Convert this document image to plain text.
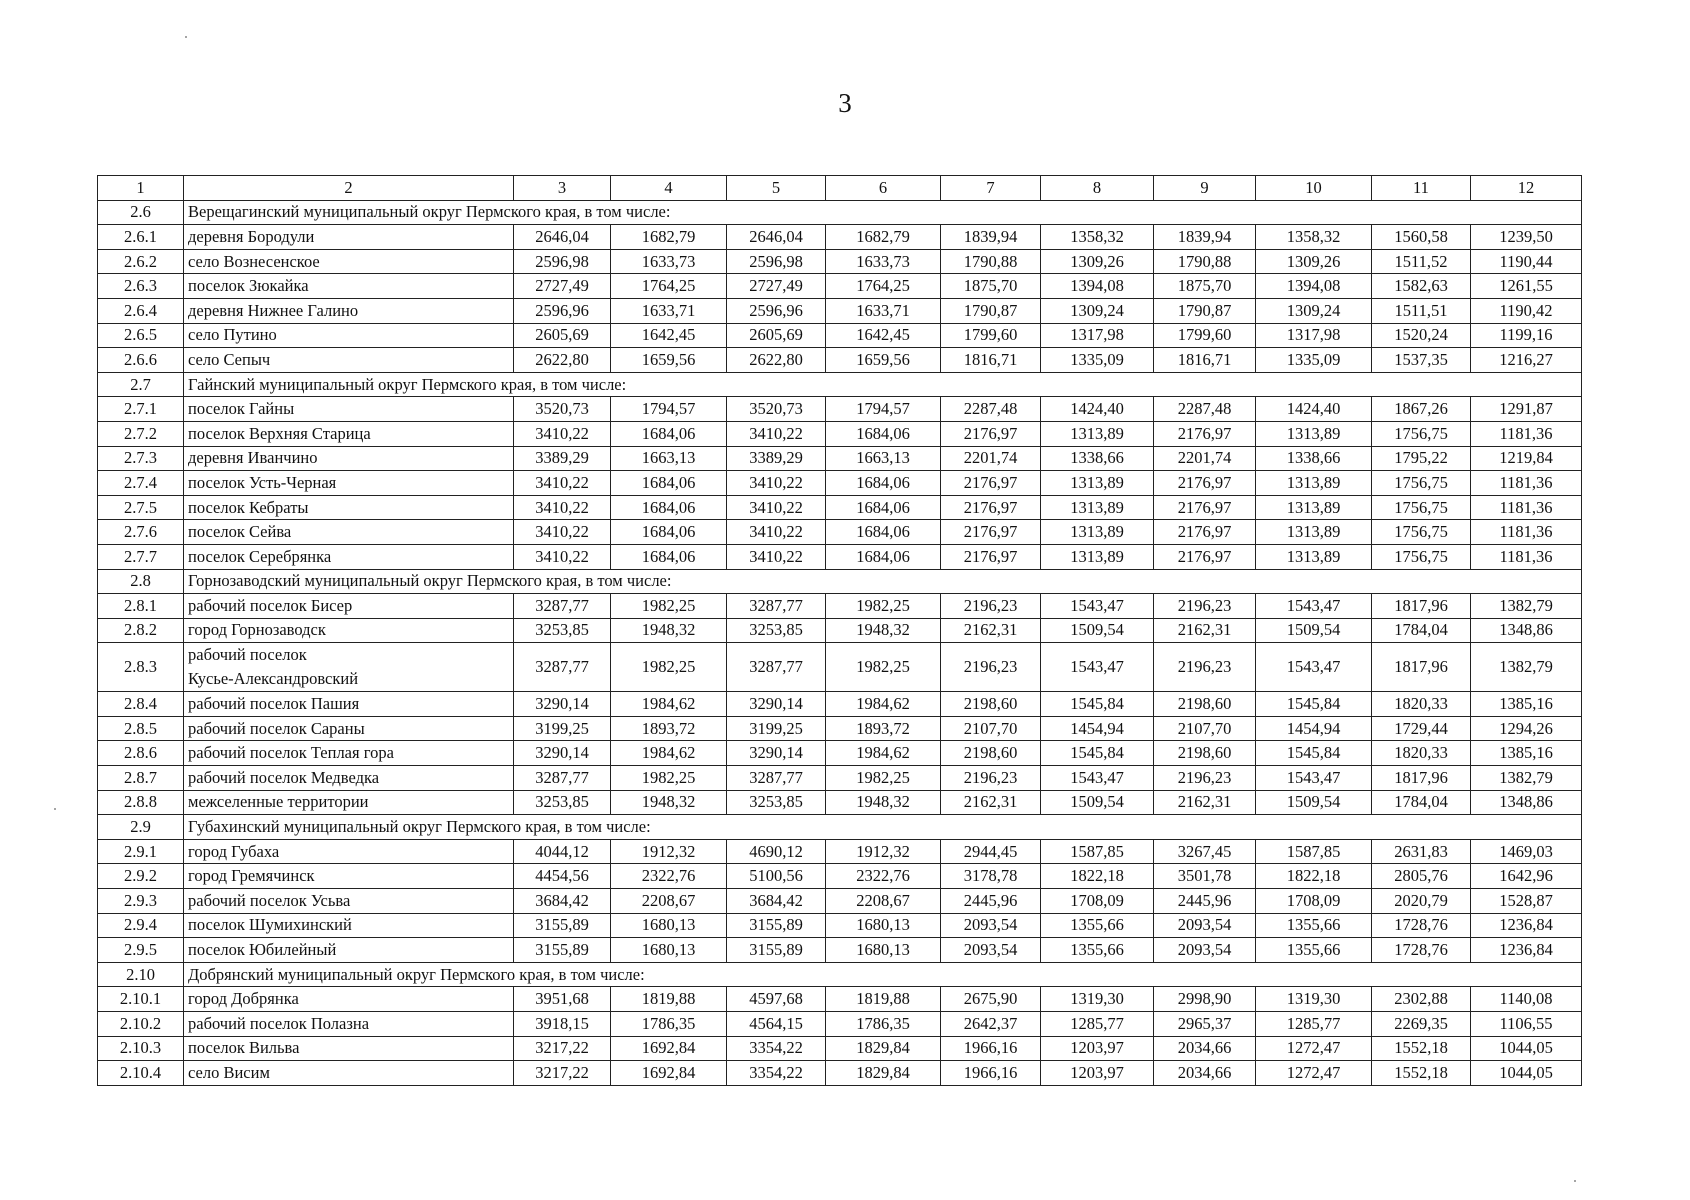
3
1	2	3	4	5	6	7	8	9	10	11	12
2.6	Верещагинский муниципальный округ Пермского края, в том числе:										
2.6.1	деревня Бородули	2646,04	1682,79	2646,04	1682,79	1839,94	1358,32	1839,94	1358,32	1560,58	1239,50
2.6.2	село Вознесенское	2596,98	1633,73	2596,98	1633,73	1790,88	1309,26	1790,88	1309,26	1511,52	1190,44
2.6.3	поселок Зюкайка	2727,49	1764,25	2727,49	1764,25	1875,70	1394,08	1875,70	1394,08	1582,63	1261,55
2.6.4	деревня Нижнее Галино	2596,96	1633,71	2596,96	1633,71	1790,87	1309,24	1790,87	1309,24	1511,51	1190,42
2.6.5	село Путино	2605,69	1642,45	2605,69	1642,45	1799,60	1317,98	1799,60	1317,98	1520,24	1199,16
2.6.6	село Сепыч	2622,80	1659,56	2622,80	1659,56	1816,71	1335,09	1816,71	1335,09	1537,35	1216,27
2.7	Гайнский муниципальный округ Пермского края, в том числе:										
2.7.1	поселок Гайны	3520,73	1794,57	3520,73	1794,57	2287,48	1424,40	2287,48	1424,40	1867,26	1291,87
2.7.2	поселок Верхняя Старица	3410,22	1684,06	3410,22	1684,06	2176,97	1313,89	2176,97	1313,89	1756,75	1181,36
2.7.3	деревня Иванчино	3389,29	1663,13	3389,29	1663,13	2201,74	1338,66	2201,74	1338,66	1795,22	1219,84
2.7.4	поселок Усть-Черная	3410,22	1684,06	3410,22	1684,06	2176,97	1313,89	2176,97	1313,89	1756,75	1181,36
2.7.5	поселок Кебраты	3410,22	1684,06	3410,22	1684,06	2176,97	1313,89	2176,97	1313,89	1756,75	1181,36
2.7.6	поселок Сейва	3410,22	1684,06	3410,22	1684,06	2176,97	1313,89	2176,97	1313,89	1756,75	1181,36
2.7.7	поселок Серебрянка	3410,22	1684,06	3410,22	1684,06	2176,97	1313,89	2176,97	1313,89	1756,75	1181,36
2.8	Горнозаводский муниципальный округ Пермского края, в том числе:										
2.8.1	рабочий поселок Бисер	3287,77	1982,25	3287,77	1982,25	2196,23	1543,47	2196,23	1543,47	1817,96	1382,79
2.8.2	город Горнозаводск	3253,85	1948,32	3253,85	1948,32	2162,31	1509,54	2162,31	1509,54	1784,04	1348,86
2.8.3	рабочий поселок
Кусье-Александровский	3287,77	1982,25	3287,77	1982,25	2196,23	1543,47	2196,23	1543,47	1817,96	1382,79
2.8.4	рабочий поселок Пашия	3290,14	1984,62	3290,14	1984,62	2198,60	1545,84	2198,60	1545,84	1820,33	1385,16
2.8.5	рабочий поселок Сараны	3199,25	1893,72	3199,25	1893,72	2107,70	1454,94	2107,70	1454,94	1729,44	1294,26
2.8.6	рабочий поселок Теплая гора	3290,14	1984,62	3290,14	1984,62	2198,60	1545,84	2198,60	1545,84	1820,33	1385,16
2.8.7	рабочий поселок Медведка	3287,77	1982,25	3287,77	1982,25	2196,23	1543,47	2196,23	1543,47	1817,96	1382,79
2.8.8	межселенные территории	3253,85	1948,32	3253,85	1948,32	2162,31	1509,54	2162,31	1509,54	1784,04	1348,86
2.9	Губахинский муниципальный округ Пермского края, в том числе:										
2.9.1	город Губаха	4044,12	1912,32	4690,12	1912,32	2944,45	1587,85	3267,45	1587,85	2631,83	1469,03
2.9.2	город Гремячинск	4454,56	2322,76	5100,56	2322,76	3178,78	1822,18	3501,78	1822,18	2805,76	1642,96
2.9.3	рабочий поселок Усьва	3684,42	2208,67	3684,42	2208,67	2445,96	1708,09	2445,96	1708,09	2020,79	1528,87
2.9.4	поселок Шумихинский	3155,89	1680,13	3155,89	1680,13	2093,54	1355,66	2093,54	1355,66	1728,76	1236,84
2.9.5	поселок Юбилейный	3155,89	1680,13	3155,89	1680,13	2093,54	1355,66	2093,54	1355,66	1728,76	1236,84
2.10	Добрянский муниципальный округ Пермского края, в том числе:										
2.10.1	город Добрянка	3951,68	1819,88	4597,68	1819,88	2675,90	1319,30	2998,90	1319,30	2302,88	1140,08
2.10.2	рабочий поселок Полазна	3918,15	1786,35	4564,15	1786,35	2642,37	1285,77	2965,37	1285,77	2269,35	1106,55
2.10.3	поселок Вильва	3217,22	1692,84	3354,22	1829,84	1966,16	1203,97	2034,66	1272,47	1552,18	1044,05
2.10.4	село Висим	3217,22	1692,84	3354,22	1829,84	1966,16	1203,97	2034,66	1272,47	1552,18	1044,05
